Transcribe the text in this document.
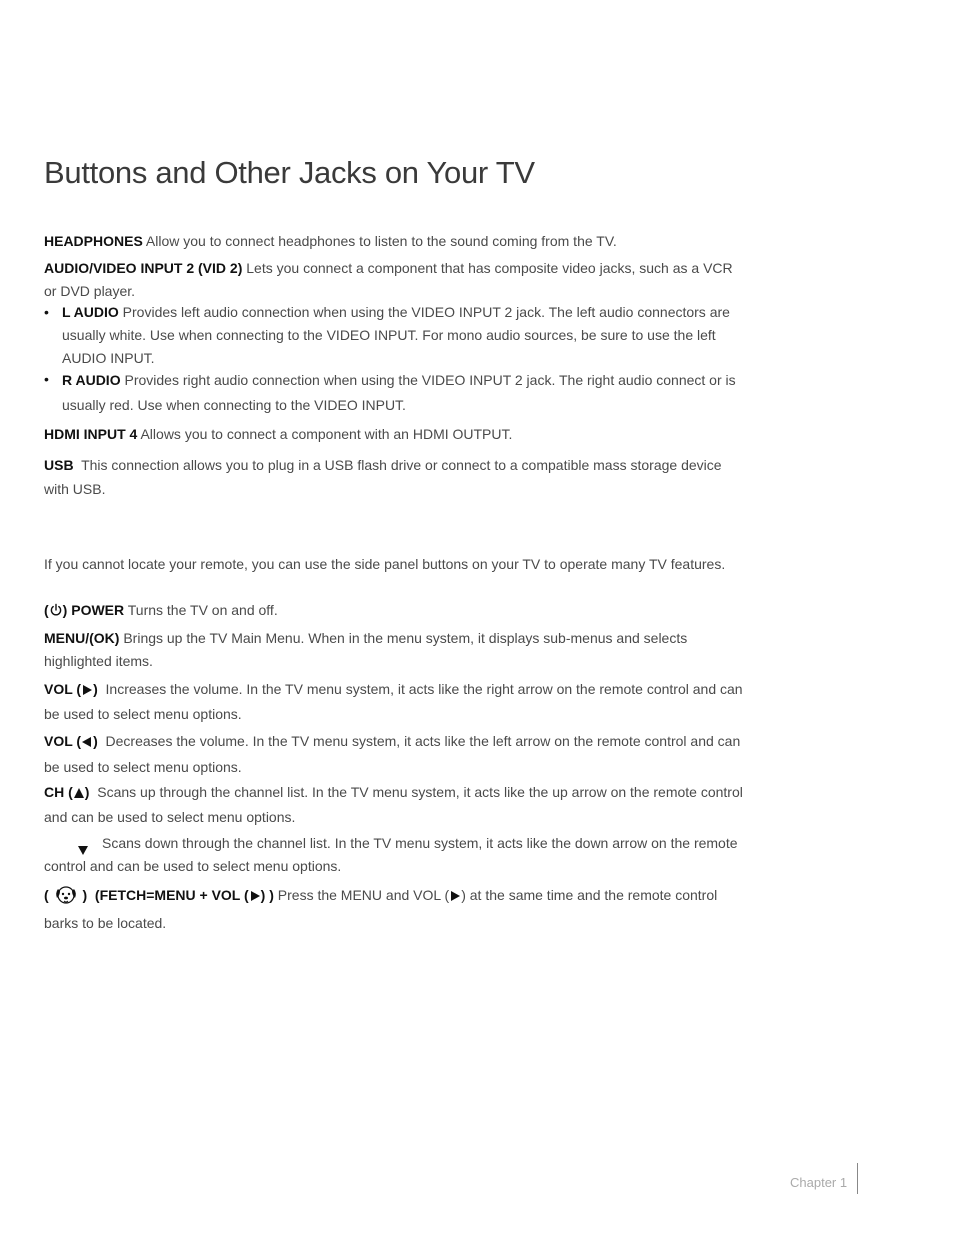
Buttons and Other Jacks on Your TV

HEADPHONES Allow you to connect headphones to listen to the sound coming from the TV.

AUDIO/VIDEO INPUT 2 (VID 2) Lets you connect a component that has composite video jacks, such as a VCR or DVD player.

• L AUDIO Provides left audio connection when using the VIDEO INPUT 2 jack. The left audio connectors are usually white. Use when connecting to the VIDEO INPUT. For mono audio sources, be sure to use the left AUDIO INPUT.

• R AUDIO Provides right audio connection when using the VIDEO INPUT 2 jack. The right audio connect or is usually red. Use when connecting to the VIDEO INPUT.

HDMI INPUT 4 Allows you to connect a component with an HDMI OUTPUT.

USB This connection allows you to plug in a USB flash drive or connect to a compatible mass storage device with USB.

If you cannot locate your remote, you can use the side panel buttons on your TV to operate many TV features.

( ) POWER Turns the TV on and off.

MENU/(OK) Brings up the TV Main Menu. When in the menu system, it displays sub-menus and selects highlighted items.

VOL ( ) Increases the volume. In the TV menu system, it acts like the right arrow on the remote control and can be used to select menu options.

VOL ( ) Decreases the volume. In the TV menu system, it acts like the left arrow on the remote control and can be used to select menu options.

CH ( ) Scans up through the channel list. In the TV menu system, it acts like the up arrow on the remote control and can be used to select menu options.

Scans down through the channel list. In the TV menu system, it acts like the down arrow on the remote control and can be used to select menu options.

( ) (FETCH=MENU + VOL ( ) ) Press the MENU and VOL ( ) at the same time and the remote control barks to be located.

Chapter 1
